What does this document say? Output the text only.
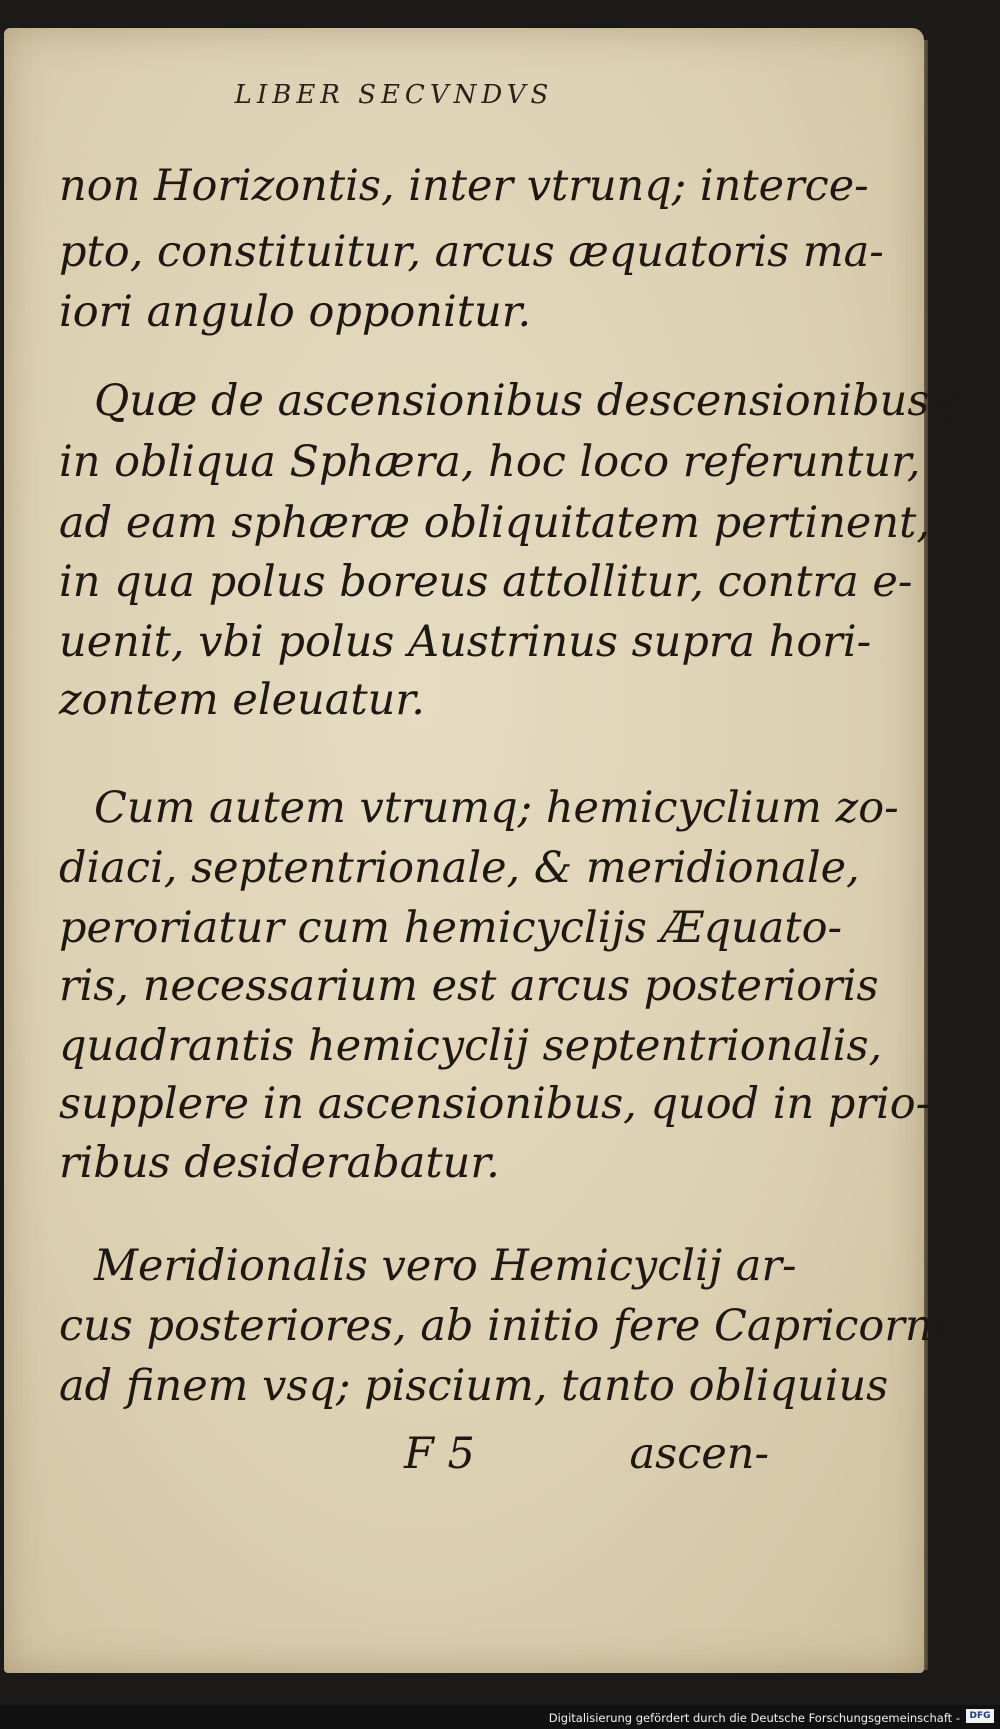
LIBER SECVNDVS
non Horizontis, inter vtrunq; interce-
pto, constituitur, arcus æquatoris ma-
iori angulo opponitur.
Quæ de ascensionibus descensionibusq;
in obliqua Sphæra, hoc loco referuntur,
ad eam sphæræ obliquitatem pertinent,
in qua polus boreus attollitur, contra e-
uenit, vbi polus Austrinus supra hori-
zontem eleuatur.
Cum autem vtrumq; hemicyclium zo-
diaci, septentrionale, & meridionale,
peroriatur cum hemicyclijs Æquato-
ris, necessarium est arcus posterioris
quadrantis hemicyclij septentrionalis,
supplere in ascensionibus, quod in prio-
ribus desiderabatur.
Meridionalis vero Hemicyclij ar-
cus posteriores, ab initio fere Capricorni
ad finem vsq; piscium, tanto obliquius
F 5	ascen-
Digitalisierung gefördert durch die Deutsche Forschungsgemeinschaft -	DFG
